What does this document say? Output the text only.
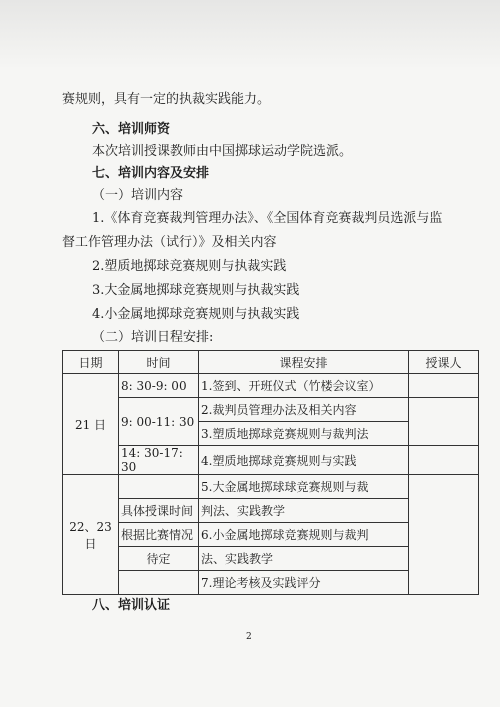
赛规则，具有一定的执裁实践能力。
六、培训师资
本次培训授课教师由中国掷球运动学院选派。
七、培训内容及安排
（一）培训内容
1.《体育竞赛裁判管理办法》、《全国体育竞赛裁判员选派与监
督工作管理办法（试行）》及相关内容
2.塑质地掷球竞赛规则与执裁实践
3.大金属地掷球竞赛规则与执裁实践
4.小金属地掷球竞赛规则与执裁实践
（二）培训日程安排:
日期	时间	课程安排	授课人
21 日	8: 30-9: 00	1.签到、开班仪式（竹楼会议室）	
	9: 00-11: 30	2.裁判员管理办法及相关内容	
		3.塑质地掷球竞赛规则与裁判法	
	14: 30-17: 30	4.塑质地掷球竞赛规则与实践	
22、23 日		5.大金属地掷球球竞赛规则与裁	
	具体授课时间	判法、实践教学	
	根据比赛情况	6.小金属地掷球竞赛规则与裁判	
	待定	法、实践教学	
		7.理论考核及实践评分	
八、培训认证
2
